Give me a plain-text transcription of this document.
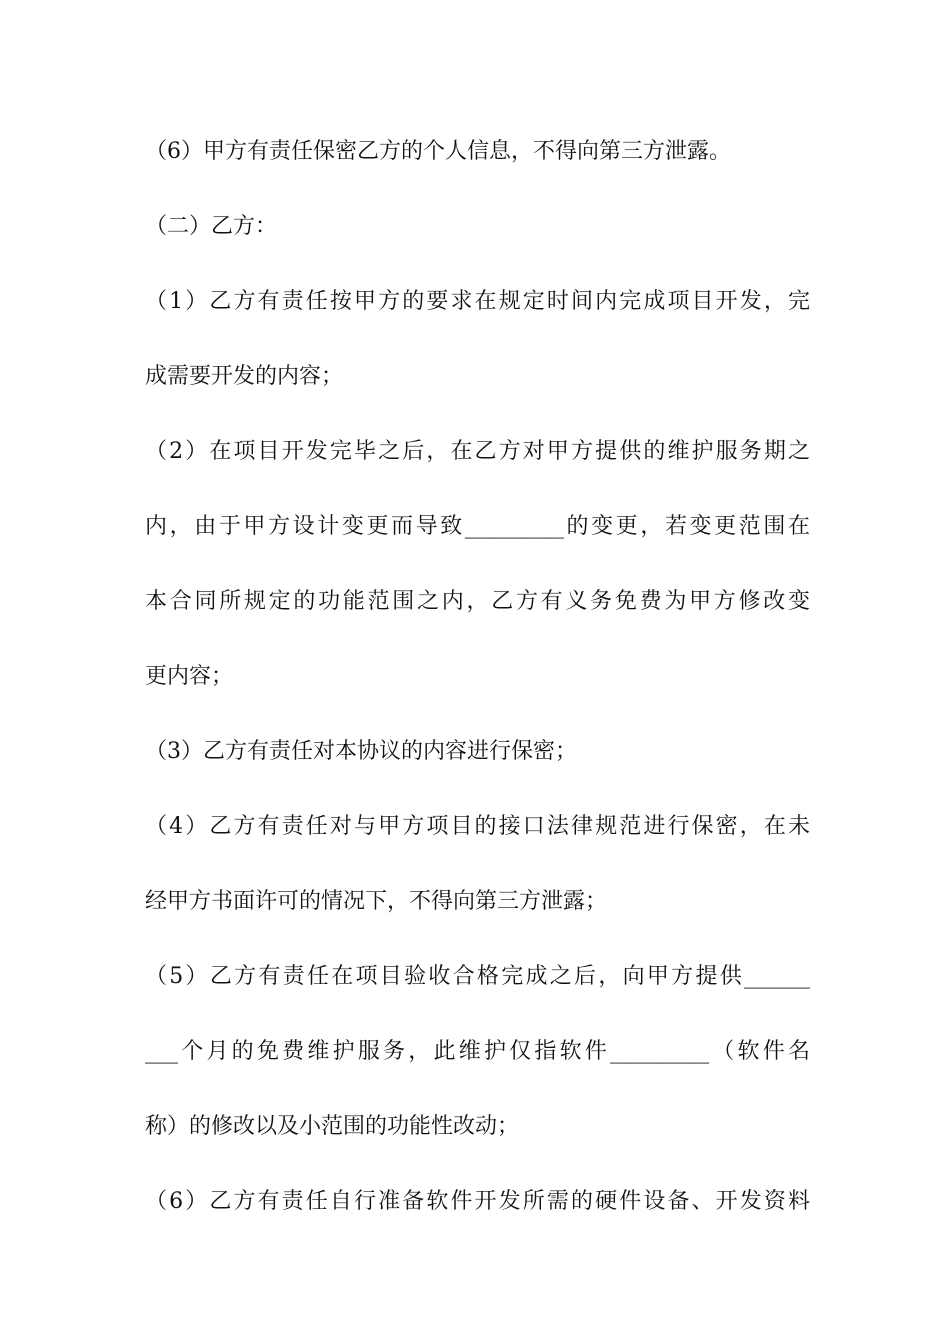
（6）甲方有责任保密乙方的个人信息，不得向第三方泄露。
（二）乙方：
（1）乙方有责任按甲方的要求在规定时间内完成项目开发，完
成需要开发的内容；
（2）在项目开发完毕之后，在乙方对甲方提供的维护服务期之
内，由于甲方设计变更而导致_________的变更，若变更范围在
本合同所规定的功能范围之内，乙方有义务免费为甲方修改变
更内容；
（3）乙方有责任对本协议的内容进行保密；
（4）乙方有责任对与甲方项目的接口法律规范进行保密，在未
经甲方书面许可的情况下，不得向第三方泄露；
（5）乙方有责任在项目验收合格完成之后，向甲方提供______
___个月的免费维护服务，此维护仅指软件_________（软件名
称）的修改以及小范围的功能性改动；
（6）乙方有责任自行准备软件开发所需的硬件设备、开发资料
